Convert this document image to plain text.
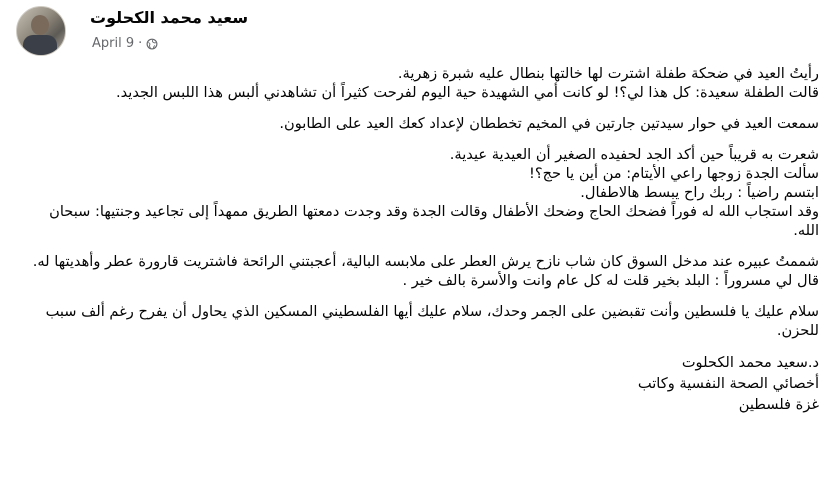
سعيد محمد الكحلوت
April 9 ·
رأيتُ العيد في ضحكة طفلة اشترت لها خالتها بنطال عليه شبرة زهرية.
قالت الطفلة سعيدة: كل هذا لي؟! لو كانت أمي الشهيدة حية اليوم لفرحت كثيراً أن تشاهدني ألبس هذا اللبس الجديد.
سمعت العيد في حوار سيدتين جارتين في المخيم تخططان لإعداد كعك العيد على الطابون.
شعرت به قريباً حين أكد الجد لحفيده الصغير أن العيدية عيدية.
سألت الجدة زوجها راعي الأيتام: من أين يا حج؟!
ابتسم راضياً : ربك راح يبسط هالاطفال.
وقد استجاب الله له فوراً فضحك الحاج وضحك الأطفال وقالت الجدة وقد وجدت دمعتها الطريق ممهداً إلى تجاعيد وجنتيها: سبحان الله.
شممتُ عبيره عند مدخل السوق كان شاب نازح يرش العطر على ملابسه البالية، أعجبتني الرائحة فاشتريت قارورة عطر وأهديتها له. قال لي مسروراً : البلد بخير قلت له كل عام وانت والأسرة بالف خير .
سلام عليك يا فلسطين وأنت تقبضين على الجمر وحدك، سلام عليك أيها الفلسطيني المسكين الذي يحاول أن يفرح رغم ألف سبب للحزن.
د.سعيد محمد الكحلوت
أخصائي الصحة النفسية وكاتب
غزة فلسطين
